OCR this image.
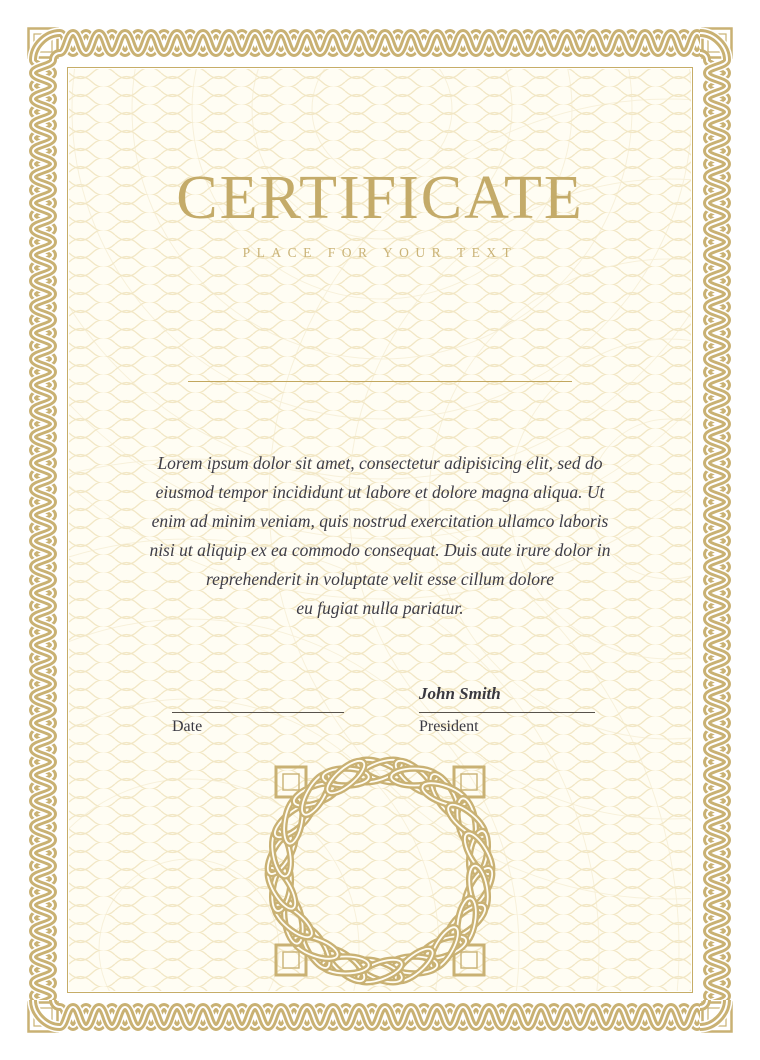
CERTIFICATE
PLACE FOR YOUR TEXT
Lorem ipsum dolor sit amet, consectetur adipisicing elit, sed do
eiusmod tempor incididunt ut labore et dolore magna aliqua. Ut
enim ad minim veniam, quis nostrud exercitation ullamco laboris
nisi ut aliquip ex ea commodo consequat. Duis aute irure dolor in
reprehenderit in voluptate velit esse cillum dolore
eu fugiat nulla pariatur.
John Smith
Date	President
